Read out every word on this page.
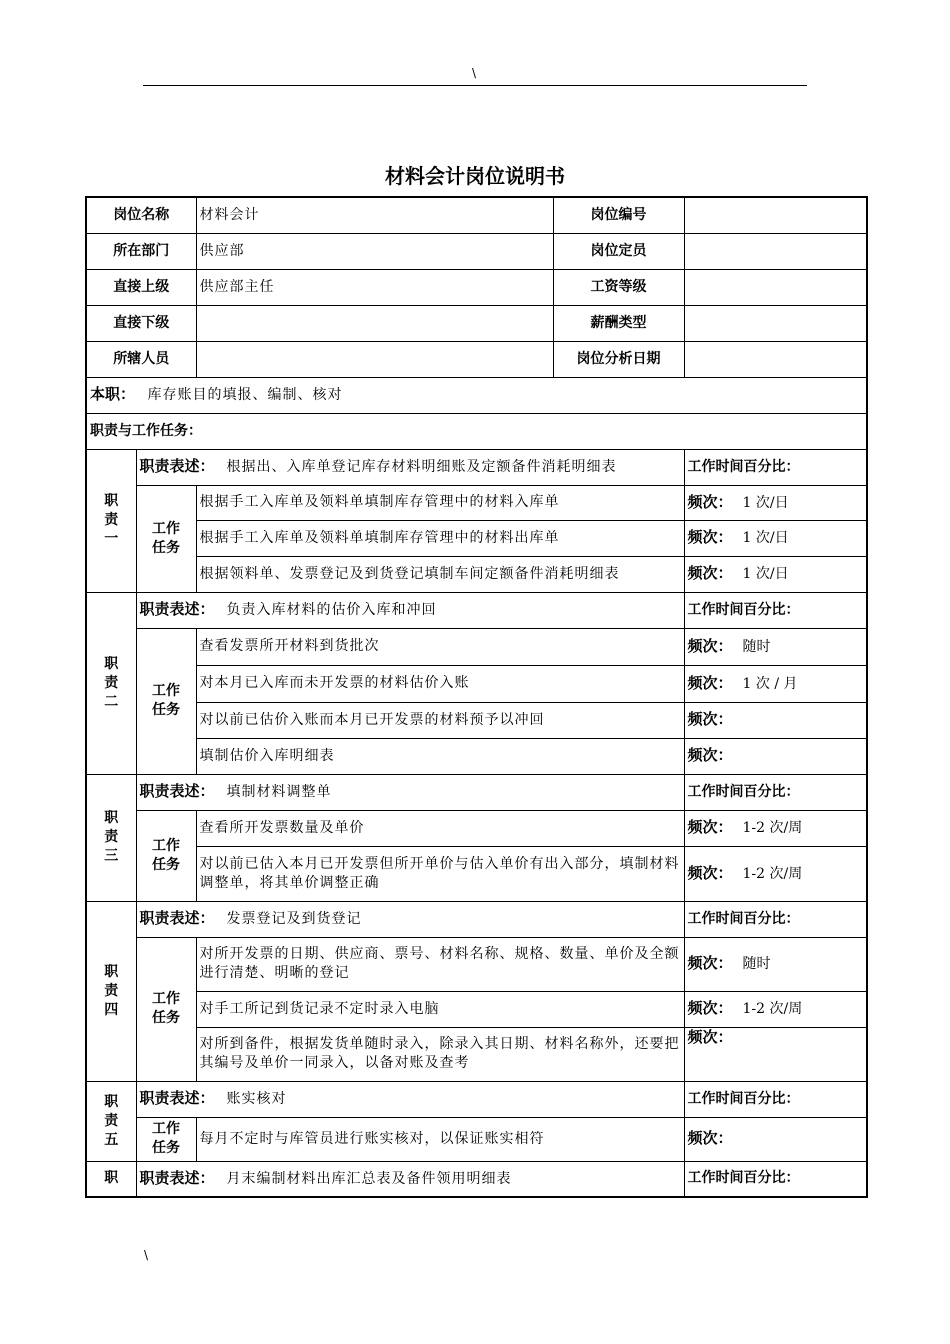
\
材料会计岗位说明书
岗位名称		材料会计	岗位编号	
所在部门		供应部	岗位定员	
直接上级		供应部主任	工资等级	
直接下级			薪酬类型	
所辖人员			岗位分析日期	
本职： 库存账目的填报、编制、核对				
职责与工作任务：				

职
责
一	职责表述： 根据出、入库单登记库存材料明细账及定额备件消耗明细表			工作时间百分比：

	工作
任务	根据手工入库单及领料单填制库存管理中的材料入库单		频次： 1 次/日
		根据手工入库单及领料单填制库存管理中的材料出库单		频次： 1 次/日
		根据领料单、发票登记及到货登记填制车间定额备件消耗明细表		频次： 1 次/日

职
责
二	职责表述： 负责入库材料的估价入库和冲回			工作时间百分比：

	工作
任务	查看发票所开材料到货批次		频次： 随时
		对本月已入库而未开发票的材料估价入账		频次： 1 次 / 月
		对以前已估价入账而本月已开发票的材料预予以冲回		频次：
		填制估价入库明细表		频次：

职
责
三	职责表述： 填制材料调整单			工作时间百分比：

	工作
任务	查看所开发票数量及单价		频次： 1-2 次/周
		对以前已估入本月已开发票但所开单价与估入单价有出入部分，填制材料调整单，将其单价调整正确		频次： 1-2 次/周

职
责
四	职责表述： 发票登记及到货登记			工作时间百分比：

	工作
任务	对所开发票的日期、供应商、票号、材料名称、规格、数量、单价及全额进行清楚、明晰的登记		频次： 随时
		对手工所记到货记录不定时录入电脑		频次： 1-2 次/周
		对所到备件，根据发货单随时录入，除录入其日期、材料名称外，还要把其编号及单价一同录入，以备对账及查考		频次：

职
责
五	职责表述： 账实核对			工作时间百分比：

	工作
任务	每月不定时与库管员进行账实核对，以保证账实相符		频次：

职	职责表述： 月末编制材料出库汇总表及备件领用明细表			工作时间百分比：
\
